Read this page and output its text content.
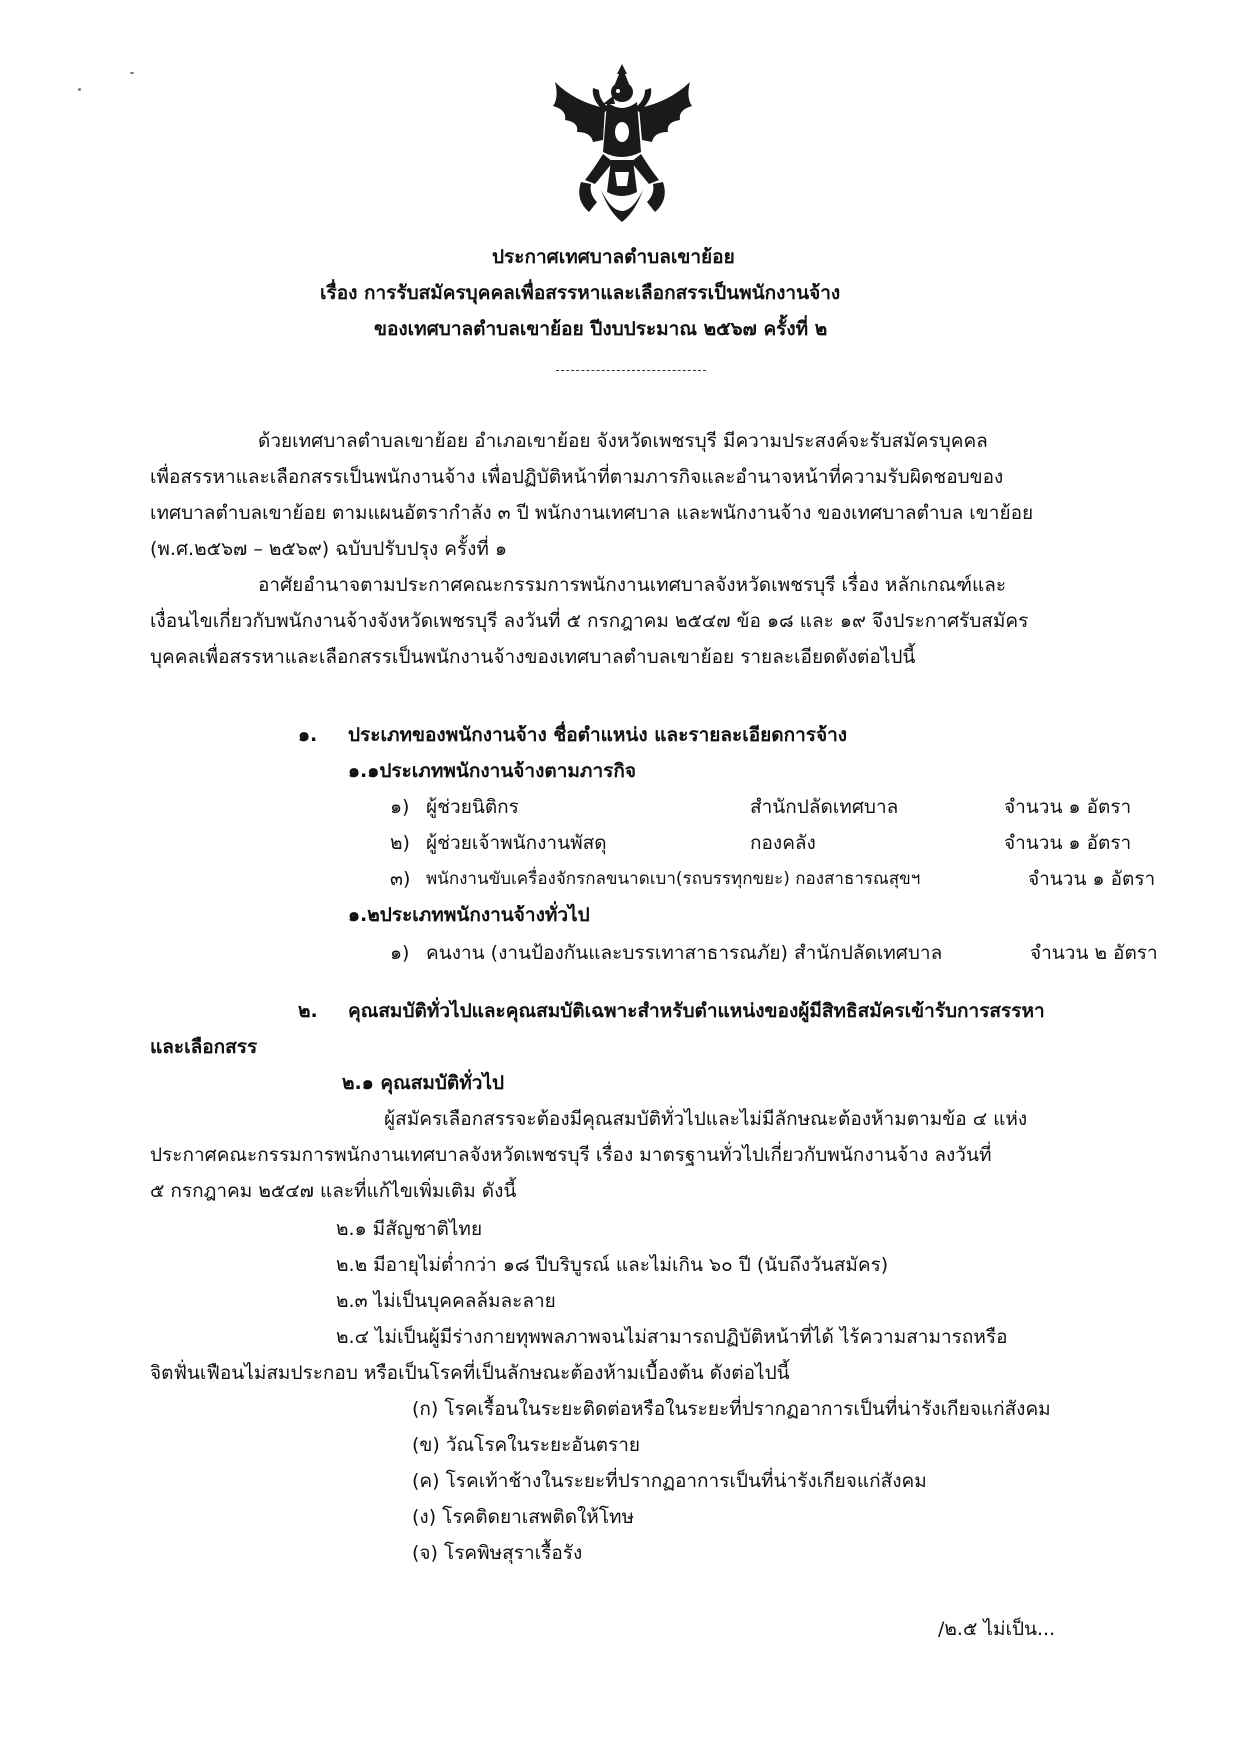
ประกาศเทศบาลตำบลเขาย้อย
เรื่อง การรับสมัครบุคคลเพื่อสรรหาและเลือกสรรเป็นพนักงานจ้าง
ของเทศบาลตำบลเขาย้อย ปีงบประมาณ ๒๕๖๗ ครั้งที่ ๒
ด้วยเทศบาลตำบลเขาย้อย อำเภอเขาย้อย จังหวัดเพชรบุรี มีความประสงค์จะรับสมัครบุคคล
เพื่อสรรหาและเลือกสรรเป็นพนักงานจ้าง เพื่อปฏิบัติหน้าที่ตามภารกิจและอำนาจหน้าที่ความรับผิดชอบของ
เทศบาลตำบลเขาย้อย ตามแผนอัตรากำลัง ๓ ปี พนักงานเทศบาล และพนักงานจ้าง ของเทศบาลตำบล เขาย้อย
(พ.ศ.๒๕๖๗ – ๒๕๖๙) ฉบับปรับปรุง ครั้งที่ ๑
อาศัยอำนาจตามประกาศคณะกรรมการพนักงานเทศบาลจังหวัดเพชรบุรี เรื่อง หลักเกณฑ์และ
เงื่อนไขเกี่ยวกับพนักงานจ้างจังหวัดเพชรบุรี ลงวันที่ ๕ กรกฎาคม ๒๕๔๗ ข้อ ๑๘ และ ๑๙ จึงประกาศรับสมัคร
บุคคลเพื่อสรรหาและเลือกสรรเป็นพนักงานจ้างของเทศบาลตำบลเขาย้อย รายละเอียดดังต่อไปนี้
๑. ประเภทของพนักงานจ้าง ชื่อตำแหน่ง และรายละเอียดการจ้าง
๑.๑ประเภทพนักงานจ้างตามภารกิจ
๑) ผู้ช่วยนิติกร	สำนักปลัดเทศบาล	จำนวน ๑ อัตรา
๒) ผู้ช่วยเจ้าพนักงานพัสดุ	กองคลัง	จำนวน ๑ อัตรา
๓) พนักงานขับเครื่องจักรกลขนาดเบา(รถบรรทุกขยะ) กองสาธารณสุขฯ	จำนวน ๑ อัตรา
๑.๒ประเภทพนักงานจ้างทั่วไป
๑) คนงาน (งานป้องกันและบรรเทาสาธารณภัย) สำนักปลัดเทศบาล	จำนวน ๒ อัตรา
๒. คุณสมบัติทั่วไปและคุณสมบัติเฉพาะสำหรับตำแหน่งของผู้มีสิทธิสมัครเข้ารับการสรรหา
และเลือกสรร
๒.๑ คุณสมบัติทั่วไป
ผู้สมัครเลือกสรรจะต้องมีคุณสมบัติทั่วไปและไม่มีลักษณะต้องห้ามตามข้อ ๔ แห่ง
ประกาศคณะกรรมการพนักงานเทศบาลจังหวัดเพชรบุรี เรื่อง มาตรฐานทั่วไปเกี่ยวกับพนักงานจ้าง ลงวันที่
๕ กรกฎาคม ๒๕๔๗ และที่แก้ไขเพิ่มเติม ดังนี้
๒.๑ มีสัญชาติไทย
๒.๒ มีอายุไม่ต่ำกว่า ๑๘ ปีบริบูรณ์ และไม่เกิน ๖๐ ปี (นับถึงวันสมัคร)
๒.๓ ไม่เป็นบุคคลล้มละลาย
๒.๔ ไม่เป็นผู้มีร่างกายทุพพลภาพจนไม่สามารถปฏิบัติหน้าที่ได้ ไร้ความสามารถหรือ
จิตฟั่นเฟือนไม่สมประกอบ หรือเป็นโรคที่เป็นลักษณะต้องห้ามเบื้องต้น ดังต่อไปนี้
(ก) โรคเรื้อนในระยะติดต่อหรือในระยะที่ปรากฏอาการเป็นที่น่ารังเกียจแก่สังคม
(ข) วัณโรคในระยะอันตราย
(ค) โรคเท้าช้างในระยะที่ปรากฏอาการเป็นที่น่ารังเกียจแก่สังคม
(ง) โรคติดยาเสพติดให้โทษ
(จ) โรคพิษสุราเรื้อรัง
/๒.๕ ไม่เป็น...
